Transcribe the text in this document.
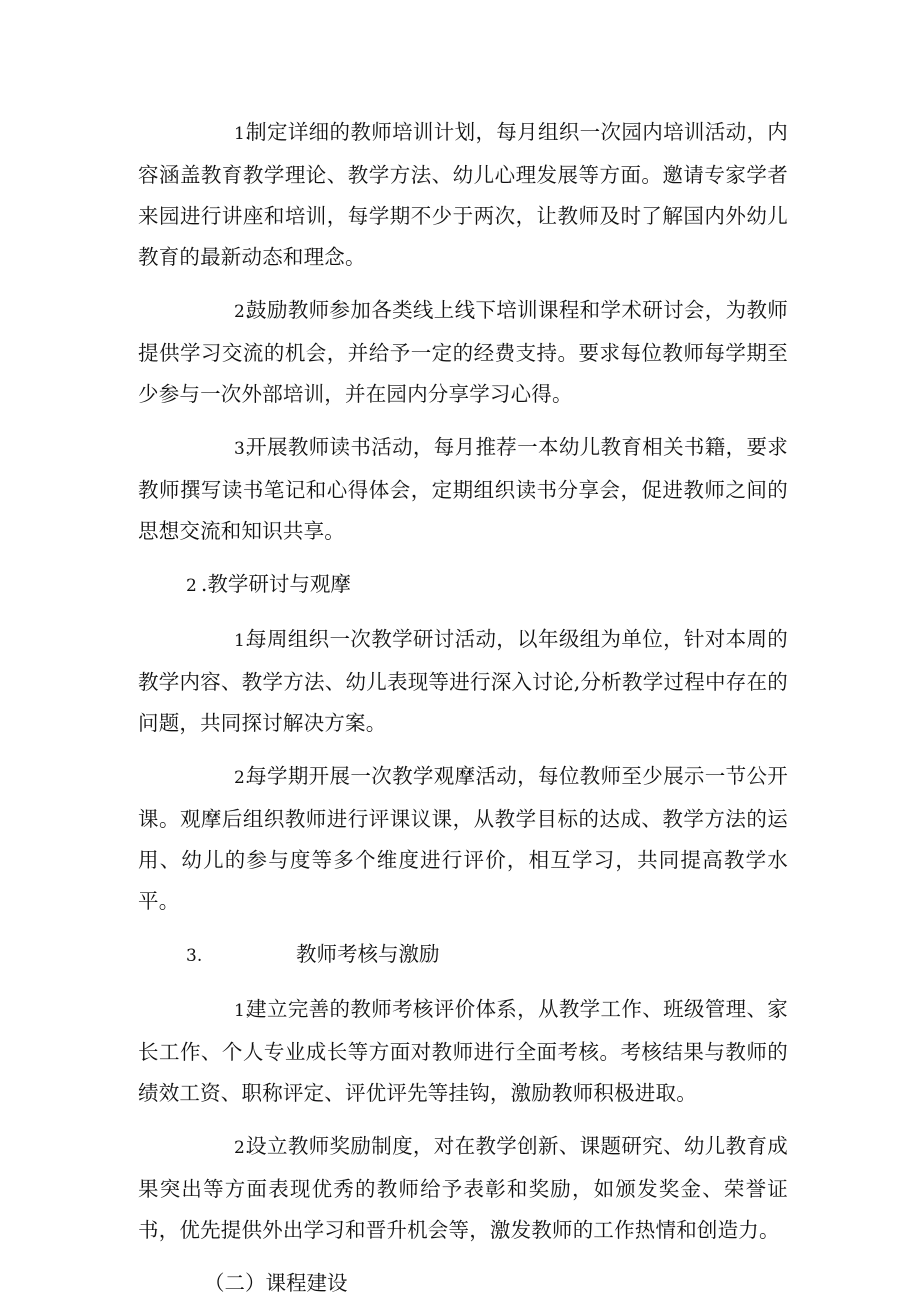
1.制定详细的教师培训计划，每月组织一次园内培训活动，内容涵盖教育教学理论、教学方法、幼儿心理发展等方面。邀请专家学者来园进行讲座和培训，每学期不少于两次，让教师及时了解国内外幼儿教育的最新动态和理念。

2.鼓励教师参加各类线上线下培训课程和学术研讨会，为教师提供学习交流的机会，并给予一定的经费支持。要求每位教师每学期至少参与一次外部培训，并在园内分享学习心得。

3.开展教师读书活动，每月推荐一本幼儿教育相关书籍，要求教师撰写读书笔记和心得体会，定期组织读书分享会，促进教师之间的思想交流和知识共享。

2 .教学研讨与观摩

1.每周组织一次教学研讨活动，以年级组为单位，针对本周的教学内容、教学方法、幼儿表现等进行深入讨论,分析教学过程中存在的问题，共同探讨解决方案。

2.每学期开展一次教学观摩活动，每位教师至少展示一节公开课。观摩后组织教师进行评课议课，从教学目标的达成、教学方法的运用、幼儿的参与度等多个维度进行评价，相互学习，共同提高教学水平。

3.	教师考核与激励

1.建立完善的教师考核评价体系，从教学工作、班级管理、家长工作、个人专业成长等方面对教师进行全面考核。考核结果与教师的绩效工资、职称评定、评优评先等挂钩，激励教师积极进取。

2.设立教师奖励制度，对在教学创新、课题研究、幼儿教育成果突出等方面表现优秀的教师给予表彰和奖励，如颁发奖金、荣誉证书，优先提供外出学习和晋升机会等，激发教师的工作热情和创造力。

（二）课程建设
